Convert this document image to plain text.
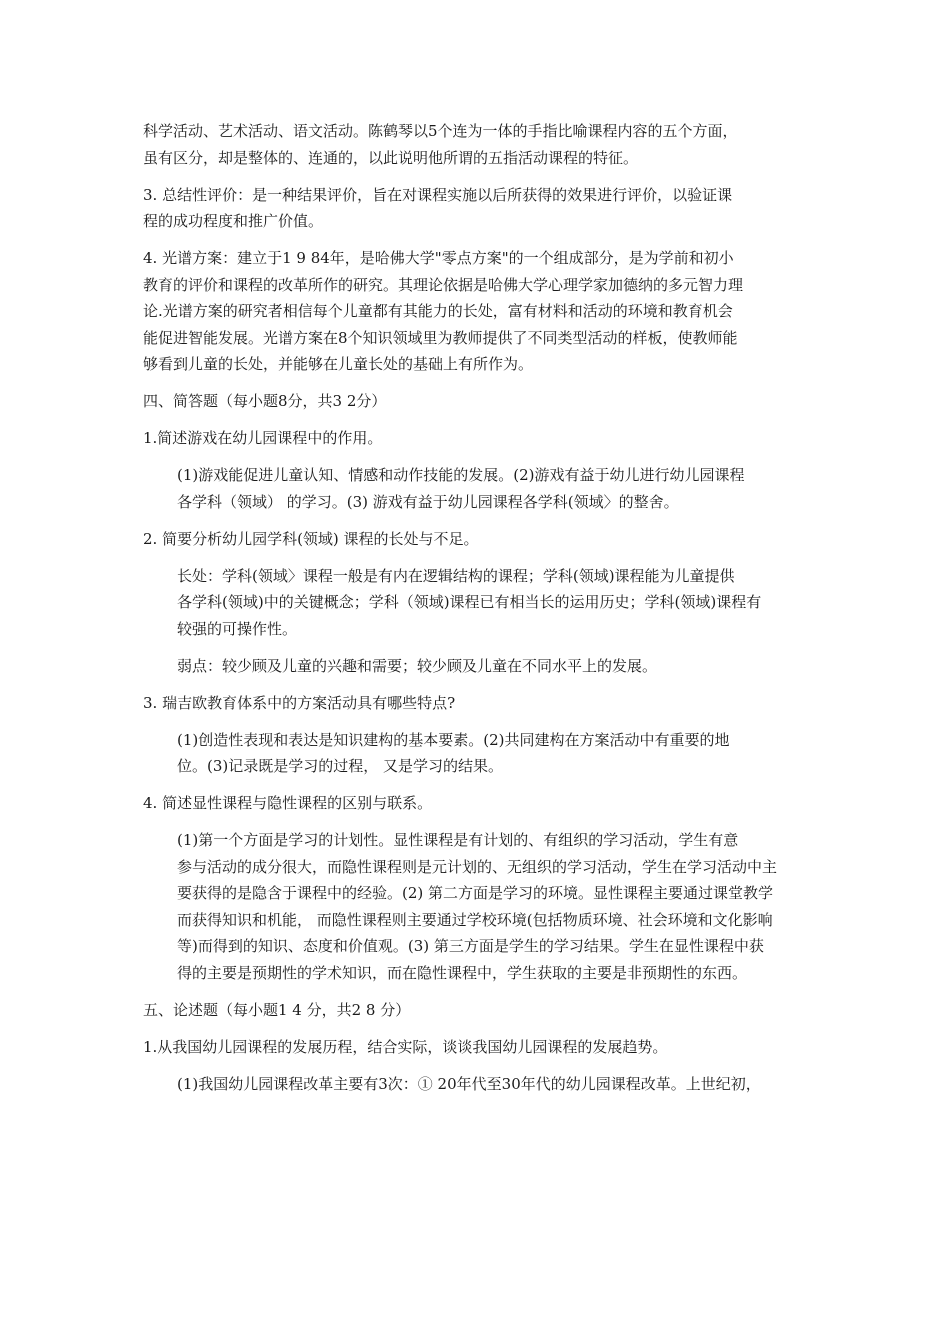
科学活动、艺术活动、语文活动。陈鹤琴以5个连为一体的手指比喻课程内容的五个方面，
虽有区分，却是整体的、连通的，以此说明他所谓的五指活动课程的特征。
3. 总结性评价：是一种结果评价，旨在对课程实施以后所获得的效果进行评价，以验证课
程的成功程度和推广价值。
4. 光谱方案：建立于1 9 84年，是哈佛大学"零点方案"的一个组成部分，是为学前和初小
教育的评价和课程的改革所作的研究。其理论依据是哈佛大学心理学家加德纳的多元智力理
论.光谱方案的研究者相信每个儿童都有其能力的长处，富有材料和活动的环境和教育机会
能促进智能发展。光谱方案在8个知识领域里为教师提供了不同类型活动的样板，使教师能
够看到儿童的长处，并能够在儿童长处的基础上有所作为。
四、简答题（每小题8分，共3 2分）
1.简述游戏在幼儿园课程中的作用。
(1)游戏能促进儿童认知、情感和动作技能的发展。(2)游戏有益于幼儿进行幼儿园课程
各学科（领域） 的学习。(3) 游戏有益于幼儿园课程各学科(领域〉的整舍。
2. 简要分析幼儿园学科(领域) 课程的长处与不足。
长处：学科(领域〉课程一般是有内在逻辑结构的课程；学科(领域)课程能为儿童提供
各学科(领域)中的关键概念；学科（领域)课程已有相当长的运用历史；学科(领域)课程有
较强的可操作性。
弱点：较少顾及儿童的兴趣和需要；较少顾及儿童在不同水平上的发展。
3. 瑞吉欧教育体系中的方案活动具有哪些特点?
(1)创造性表现和表达是知识建构的基本要素。(2)共同建构在方案活动中有重要的地
位。(3)记录既是学习的过程， 又是学习的结果。
4. 简述显性课程与隐性课程的区别与联系。
(1)第一个方面是学习的计划性。显性课程是有计划的、有组织的学习活动，学生有意
参与活动的成分很大，而隐性课程则是元计划的、无组织的学习活动，学生在学习活动中主
要获得的是隐含于课程中的经验。(2) 第二方面是学习的环境。显性课程主要通过课堂教学
而获得知识和机能， 而隐性课程则主要通过学校环境(包括物质环境、社会环境和文化影响
等)而得到的知识、态度和价值观。(3) 第三方面是学生的学习结果。学生在显性课程中获
得的主要是预期性的学术知识，而在隐性课程中，学生获取的主要是非预期性的东西。
五、论述题（每小题1 4 分，共2 8 分）
1.从我国幼儿园课程的发展历程，结合实际，谈谈我国幼儿园课程的发展趋势。
(1)我国幼儿园课程改革主要有3次：① 20年代至30年代的幼儿园课程改革。上世纪初，
